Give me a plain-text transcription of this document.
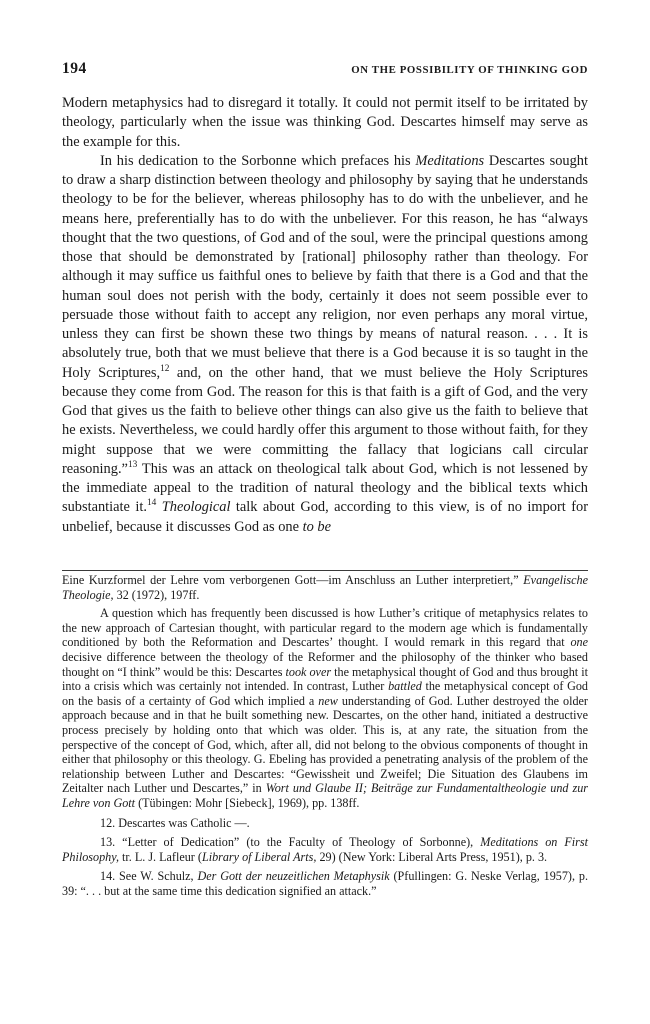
194	ON THE POSSIBILITY OF THINKING GOD

Modern metaphysics had to disregard it totally. It could not permit itself to be irritated by theology, particularly when the issue was thinking God. Descartes himself may serve as the example for this.

In his dedication to the Sorbonne which prefaces his Meditations Descartes sought to draw a sharp distinction between theology and philosophy by saying that he understands theology to be for the believer, whereas philosophy has to do with the unbeliever, and he means here, preferentially has to do with the unbeliever. For this reason, he has “always thought that the two questions, of God and of the soul, were the principal questions among those that should be demonstrated by [rational] philosophy rather than theology. For although it may suffice us faithful ones to believe by faith that there is a God and that the human soul does not perish with the body, certainly it does not seem possible ever to persuade those without faith to accept any religion, nor even perhaps any moral virtue, unless they can first be shown these two things by means of natural reason. . . . It is absolutely true, both that we must believe that there is a God because it is so taught in the Holy Scriptures,$^{12}$ and, on the other hand, that we must believe the Holy Scriptures because they come from God. The reason for this is that faith is a gift of God, and the very God that gives us the faith to believe other things can also give us the faith to believe that he exists. Nevertheless, we could hardly offer this argument to those without faith, for they might suppose that we were committing the fallacy that logicians call circular reasoning.”$^{13}$ This was an attack on theological talk about God, which is not lessened by the immediate appeal to the tradition of natural theology and the biblical texts which substantiate it.$^{14}$ Theological talk about God, according to this view, is of no import for unbelief, because it discusses God as one to be

Eine Kurzformel der Lehre vom verborgenen Gott—im Anschluss an Luther interpretiert,” Evangelische Theologie, 32 (1972), 197ff.

A question which has frequently been discussed is how Luther’s critique of metaphysics relates to the new approach of Cartesian thought, with particular regard to the modern age which is fundamentally conditioned by both the Reformation and Descartes’ thought. I would remark in this regard that one decisive difference between the theology of the Reformer and the philosophy of the thinker who based thought on “I think” would be this: Descartes took over the metaphysical thought of God and thus brought it into a crisis which was certainly not intended. In contrast, Luther battled the metaphysical concept of God on the basis of a certainty of God which implied a new understanding of God. Luther destroyed the older approach because and in that he built something new. Descartes, on the other hand, initiated a destructive process precisely by holding onto that which was older. This is, at any rate, the situation from the perspective of the concept of God, which, after all, did not belong to the obvious components of thought in either that philosophy or this theology. G. Ebeling has provided a penetrating analysis of the problem of the relationship between Luther and Descartes: “Gewissheit und Zweifel; Die Situation des Glaubens im Zeitalter nach Luther und Descartes,” in Wort und Glaube II; Beiträge zur Fundamentaltheologie und zur Lehre von Gott (Tübingen: Mohr [Siebeck], 1969), pp. 138ff.

12. Descartes was Catholic —.

13. “Letter of Dedication” (to the Faculty of Theology of Sorbonne), Meditations on First Philosophy, tr. L. J. Lafleur (Library of Liberal Arts, 29) (New York: Liberal Arts Press, 1951), p. 3.

14. See W. Schulz, Der Gott der neuzeitlichen Metaphysik (Pfullingen: G. Neske Verlag, 1957), p. 39: “. . . but at the same time this dedication signified an attack.”
